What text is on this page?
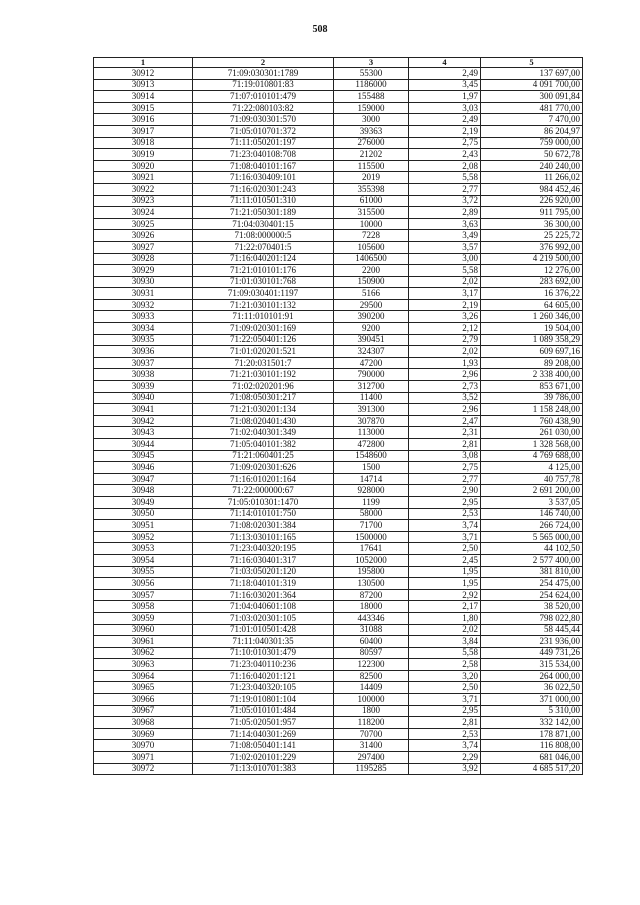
508
1	2	3	4	5
30912	71:09:030301:1789	55300	2,49	137 697,00
30913	71:19:010801:83	1186000	3,45	4 091 700,00
30914	71:07:010101:479	155488	1,97	300 091,84
30915	71:22:080103:82	159000	3,03	481 770,00
30916	71:09:030301:570	3000	2,49	7 470,00
30917	71:05:010701:372	39363	2,19	86 204,97
30918	71:11:050201:197	276000	2,75	759 000,00
30919	71:23:040108:708	21202	2,43	50 672,78
30920	71:08:040101:167	115500	2,08	240 240,00
30921	71:16:030409:101	2019	5,58	11 266,02
30922	71:16:020301:243	355398	2,77	984 452,46
30923	71:11:010501:310	61000	3,72	226 920,00
30924	71:21:050301:189	315500	2,89	911 795,00
30925	71:04:030401:15	10000	3,63	36 300,00
30926	71:08:000000:5	7228	3,49	25 225,72
30927	71:22:070401:5	105600	3,57	376 992,00
30928	71:16:040201:124	1406500	3,00	4 219 500,00
30929	71:21:010101:176	2200	5,58	12 276,00
30930	71:01:030101:768	150900	2,02	283 692,00
30931	71:09:030401:1197	5166	3,17	16 376,22
30932	71:21:030101:132	29500	2,19	64 605,00
30933	71:11:010101:91	390200	3,26	1 260 346,00
30934	71:09:020301:169	9200	2,12	19 504,00
30935	71:22:050401:126	390451	2,79	1 089 358,29
30936	71:01:020201:521	324307	2,02	609 697,16
30937	71:20:031501:7	47200	1,93	89 208,00
30938	71:21:030101:192	790000	2,96	2 338 400,00
30939	71:02:020201:96	312700	2,73	853 671,00
30940	71:08:050301:217	11400	3,52	39 786,00
30941	71:21:030201:134	391300	2,96	1 158 248,00
30942	71:08:020401:430	307870	2,47	760 438,90
30943	71:02:040301:349	113000	2,31	261 030,00
30944	71:05:040101:382	472800	2,81	1 328 568,00
30945	71:21:060401:25	1548600	3,08	4 769 688,00
30946	71:09:020301:626	1500	2,75	4 125,00
30947	71:16:010201:164	14714	2,77	40 757,78
30948	71:22:000000:67	928000	2,90	2 691 200,00
30949	71:05:010301:1470	1199	2,95	3 537,05
30950	71:14:010101:750	58000	2,53	146 740,00
30951	71:08:020301:384	71700	3,74	266 724,00
30952	71:13:030101:165	1500000	3,71	5 565 000,00
30953	71:23:040320:195	17641	2,50	44 102,50
30954	71:16:030401:317	1052000	2,45	2 577 400,00
30955	71:03:050201:120	195800	1,95	381 810,00
30956	71:18:040101:319	130500	1,95	254 475,00
30957	71:16:030201:364	87200	2,92	254 624,00
30958	71:04:040601:108	18000	2,17	38 520,00
30959	71:03:020301:105	443346	1,80	798 022,80
30960	71:01:010501:428	31088	2,02	58 445,44
30961	71:11:040301:35	60400	3,84	231 936,00
30962	71:10:010301:479	80597	5,58	449 731,26
30963	71:23:040110:236	122300	2,58	315 534,00
30964	71:16:040201:121	82500	3,20	264 000,00
30965	71:23:040320:105	14409	2,50	36 022,50
30966	71:19:010801:104	100000	3,71	371 000,00
30967	71:05:010101:484	1800	2,95	5 310,00
30968	71:05:020501:957	118200	2,81	332 142,00
30969	71:14:040301:269	70700	2,53	178 871,00
30970	71:08:050401:141	31400	3,74	116 808,00
30971	71:02:020101:229	297400	2,29	681 046,00
30972	71:13:010701:383	1195285	3,92	4 685 517,20
